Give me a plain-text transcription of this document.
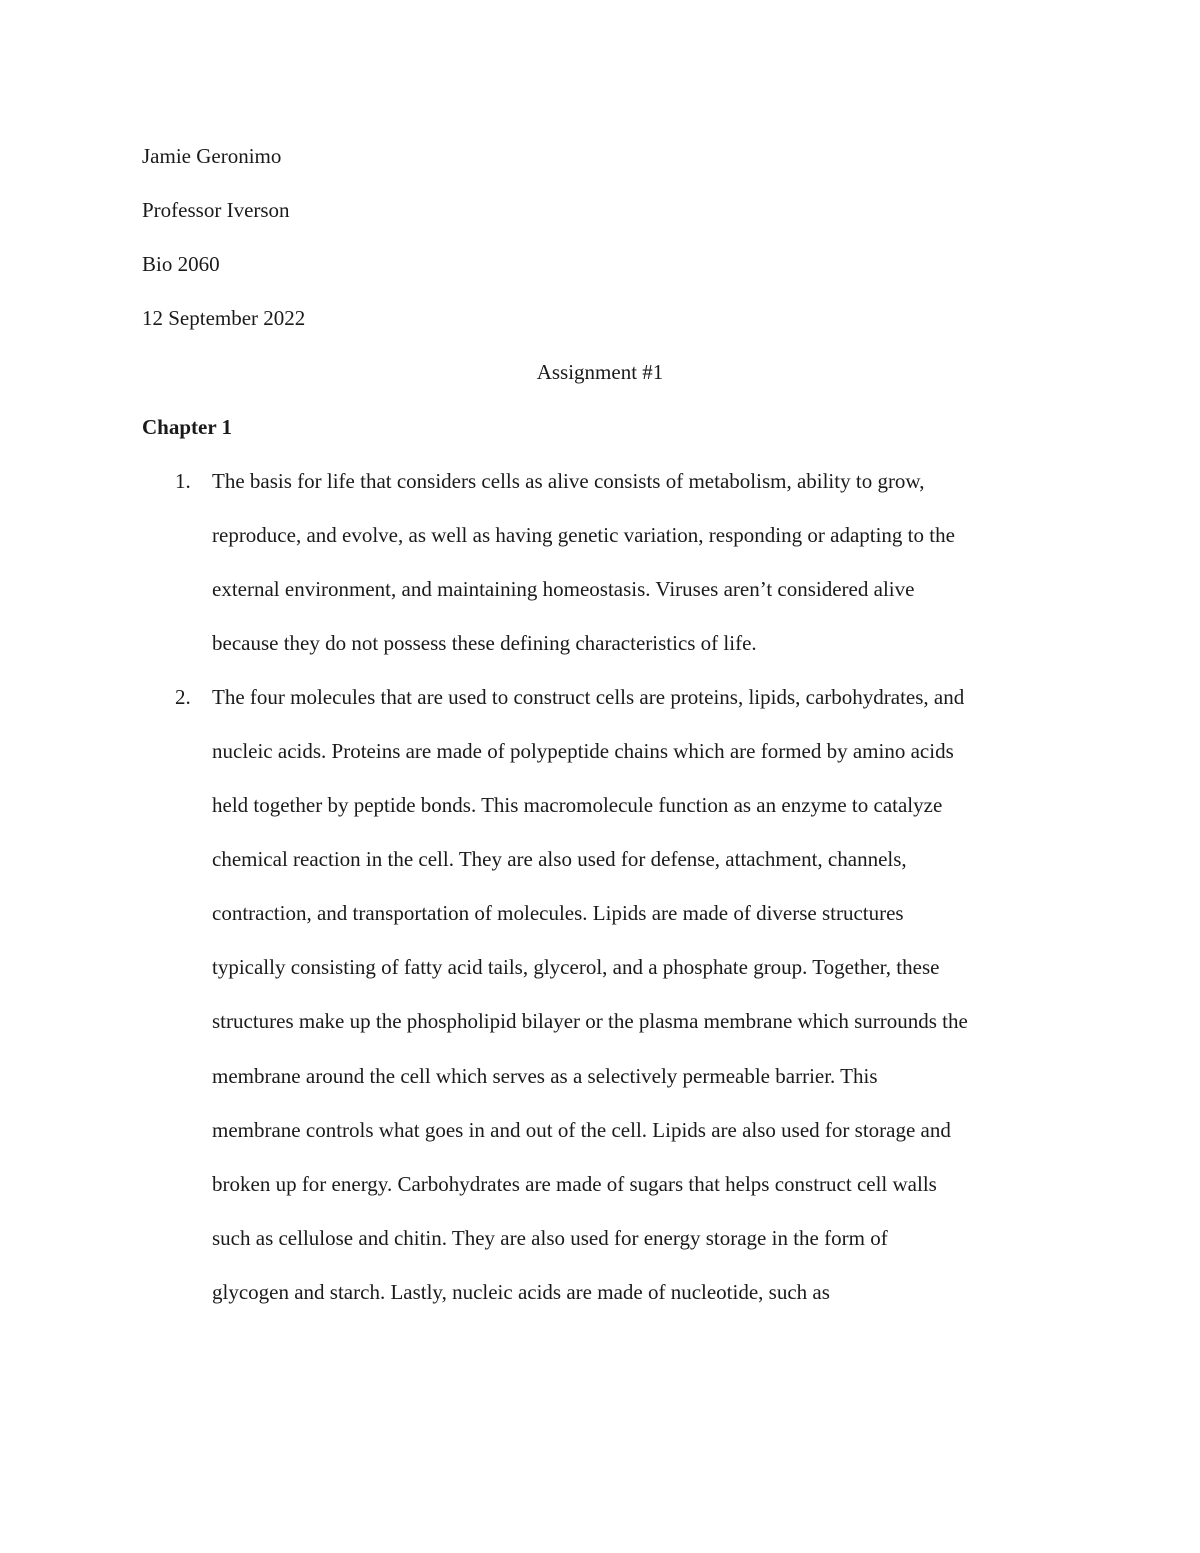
Jamie Geronimo
Professor Iverson
Bio 2060
12 September 2022
Assignment #1
Chapter 1
1. The basis for life that considers cells as alive consists of metabolism, ability to grow,
reproduce, and evolve, as well as having genetic variation, responding or adapting to the
external environment, and maintaining homeostasis. Viruses aren’t considered alive
because they do not possess these defining characteristics of life.
2. The four molecules that are used to construct cells are proteins, lipids, carbohydrates, and
nucleic acids. Proteins are made of polypeptide chains which are formed by amino acids
held together by peptide bonds. This macromolecule function as an enzyme to catalyze
chemical reaction in the cell. They are also used for defense, attachment, channels,
contraction, and transportation of molecules. Lipids are made of diverse structures
typically consisting of fatty acid tails, glycerol, and a phosphate group. Together, these
structures make up the phospholipid bilayer or the plasma membrane which surrounds the
membrane around the cell which serves as a selectively permeable barrier. This
membrane controls what goes in and out of the cell. Lipids are also used for storage and
broken up for energy. Carbohydrates are made of sugars that helps construct cell walls
such as cellulose and chitin. They are also used for energy storage in the form of
glycogen and starch. Lastly, nucleic acids are made of nucleotide, such as
